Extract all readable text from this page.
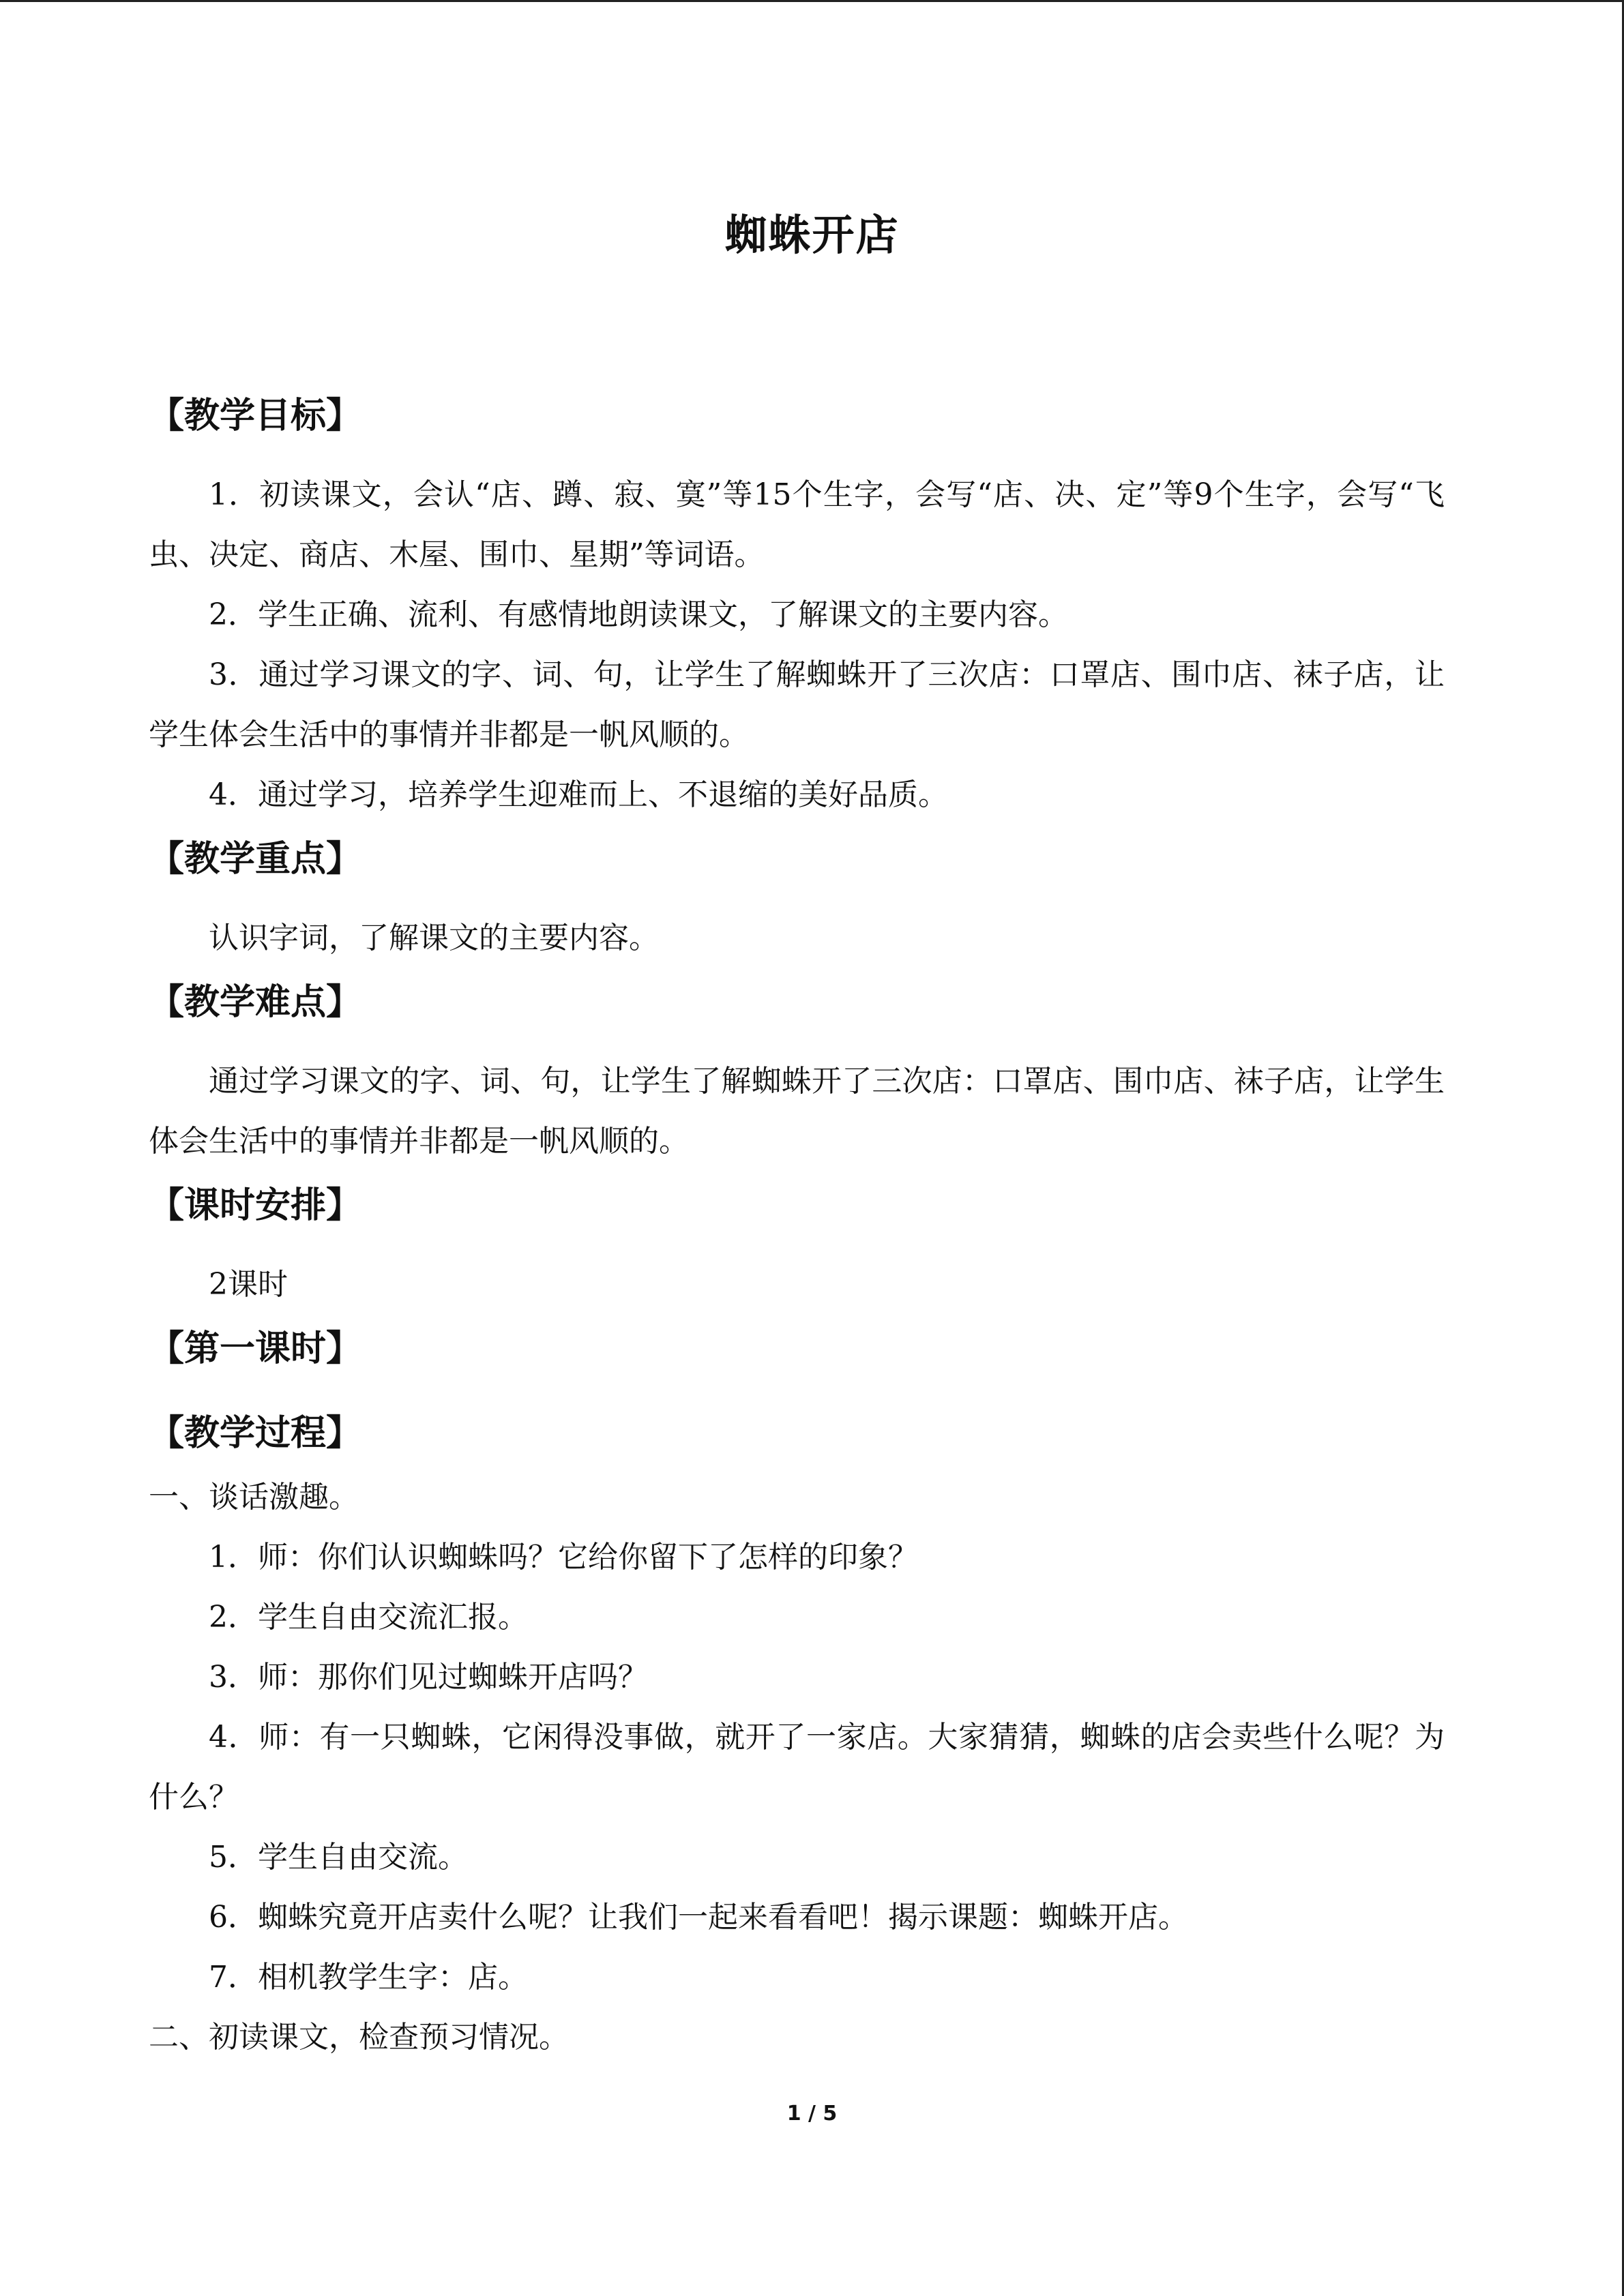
蜘蛛开店

【教学目标】

1．初读课文，会认“店、蹲、寂、寞”等15个生字，会写“店、决、定”等9个生字，会写“飞虫、决定、商店、木屋、围巾、星期”等词语。

2．学生正确、流利、有感情地朗读课文，了解课文的主要内容。

3．通过学习课文的字、词、句，让学生了解蜘蛛开了三次店：口罩店、围巾店、袜子店，让学生体会生活中的事情并非都是一帆风顺的。

4．通过学习，培养学生迎难而上、不退缩的美好品质。

【教学重点】

认识字词，了解课文的主要内容。

【教学难点】

通过学习课文的字、词、句，让学生了解蜘蛛开了三次店：口罩店、围巾店、袜子店，让学生体会生活中的事情并非都是一帆风顺的。

【课时安排】

2课时

【第一课时】

【教学过程】

一、谈话激趣。

1．师：你们认识蜘蛛吗？它给你留下了怎样的印象？

2．学生自由交流汇报。

3．师：那你们见过蜘蛛开店吗？

4．师：有一只蜘蛛，它闲得没事做，就开了一家店。大家猜猜，蜘蛛的店会卖些什么呢？为什么？

5．学生自由交流。

6．蜘蛛究竟开店卖什么呢？让我们一起来看看吧！揭示课题：蜘蛛开店。

7．相机教学生字：店。

二、初读课文，检查预习情况。

1 / 5
